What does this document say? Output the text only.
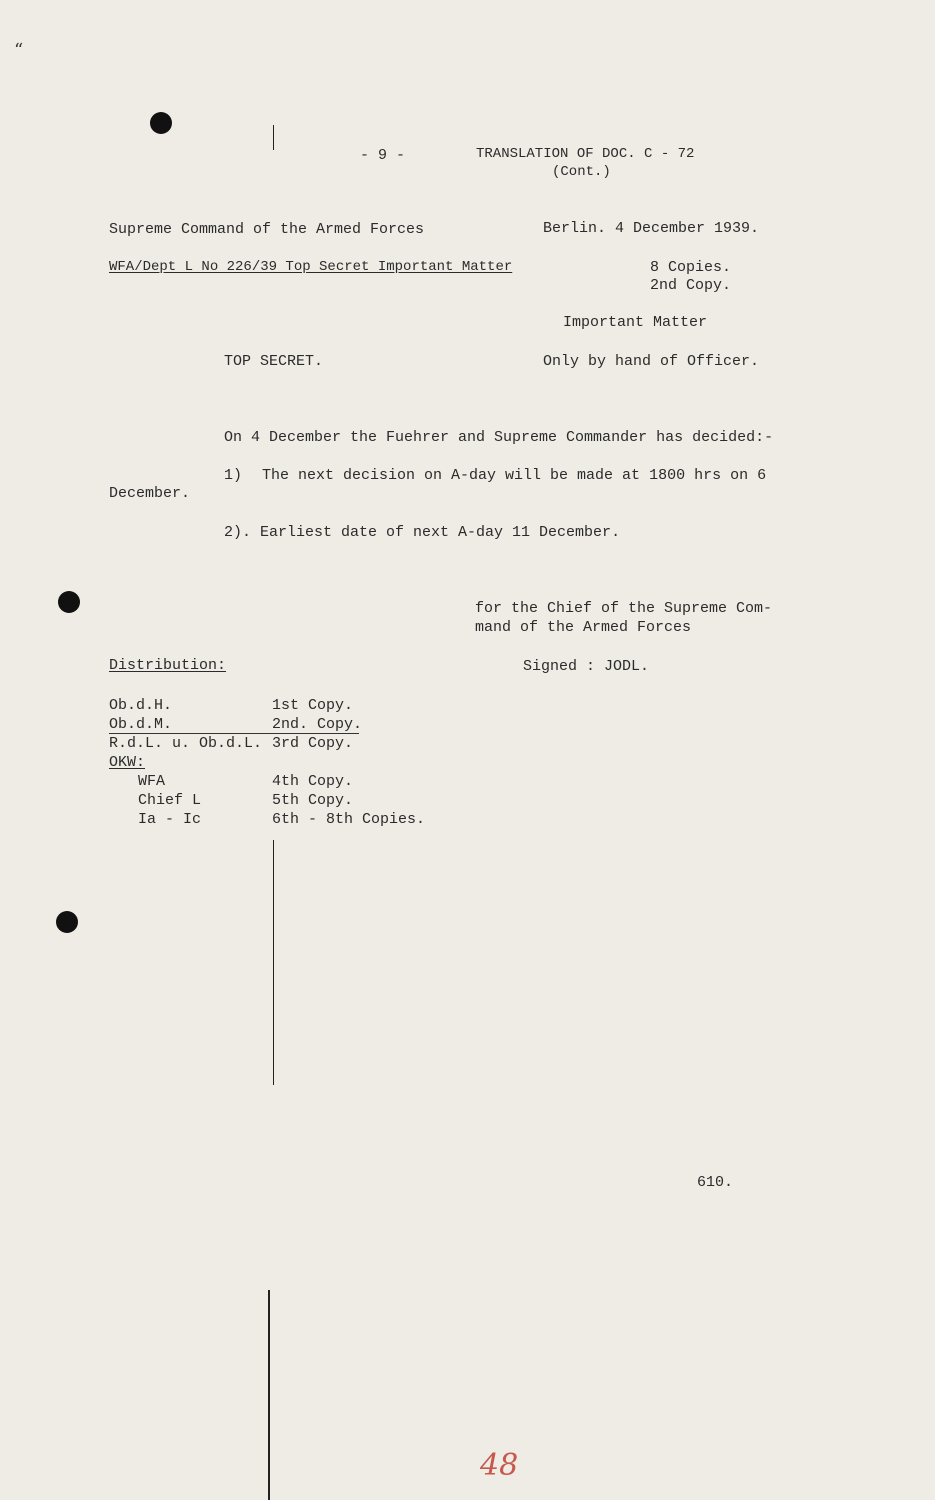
“
- 9 -	TRANSLATION OF DOC. C - 72
(Cont.)
Supreme Command of the Armed Forces	Berlin. 4 December 1939.
WFA/Dept L No 226/39 Top Secret Important Matter	8 Copies.
2nd Copy.
Important Matter
TOP SECRET.	Only by hand of Officer.
On 4 December the Fuehrer and Supreme Commander has decided:-
1) The next decision on A-day will be made at 1800 hrs on 6
December.
2). Earliest date of next A-day 11 December.
for the Chief of the Supreme Com-
mand of the Armed Forces
Signed : JODL.
Distribution:
Ob.d.H.	1st Copy.
Ob.d.M.	2nd. Copy.
R.d.L. u. Ob.d.L. 3rd Copy.
OKW:
WFA	4th Copy.
Chief L	5th Copy.
Ia - Ic	6th - 8th Copies.
610.
48
